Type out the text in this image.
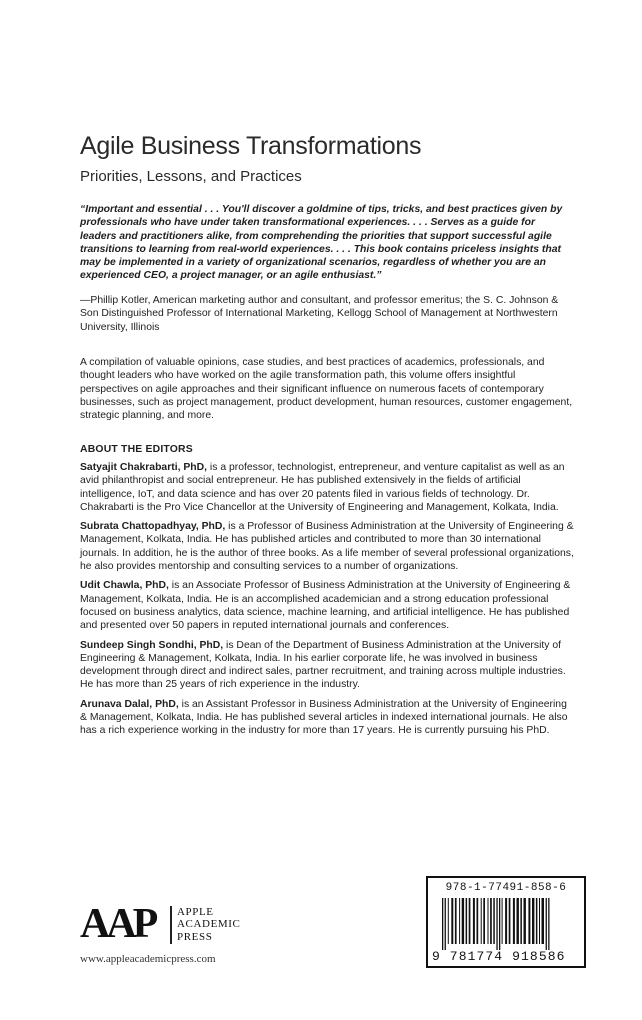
Agile Business Transformations
Priorities, Lessons, and Practices
“Important and essential . . . You'll discover a goldmine of tips, tricks, and best practices given by professionals who have under taken transformational experiences. . . . Serves as a guide for leaders and practitioners alike, from comprehending the priorities that support successful agile transitions to learning from real-world experiences. . . . This book contains priceless insights that may be implemented in a variety of organizational scenarios, regardless of whether you are an experienced CEO, a project manager, or an agile enthusiast.”
—Phillip Kotler, American marketing author and consultant, and professor emeritus; the S. C. Johnson & Son Distinguished Professor of International Marketing, Kellogg School of Management at Northwestern University, Illinois
A compilation of valuable opinions, case studies, and best practices of academics, professionals, and thought leaders who have worked on the agile transformation path, this volume offers insightful perspectives on agile approaches and their significant influence on numerous facets of contemporary businesses, such as project management, product development, human resources, customer engagement, strategic planning, and more.
ABOUT THE EDITORS

Satyajit Chakrabarti, PhD, is a professor, technologist, entrepreneur, and venture capitalist as well as an avid philanthropist and social entrepreneur. He has published extensively in the fields of artificial intelligence, IoT, and data science and has over 20 patents filed in various fields of technology. Dr. Chakrabarti is the Pro Vice Chancellor at the University of Engineering and Management, Kolkata, India.

Subrata Chattopadhyay, PhD, is a Professor of Business Administration at the University of Engineering & Management, Kolkata, India. He has published articles and contributed to more than 30 international journals. In addition, he is the author of three books. As a life member of several professional organizations, he also provides mentorship and consulting services to a number of organizations.

Udit Chawla, PhD, is an Associate Professor of Business Administration at the University of Engineering & Management, Kolkata, India. He is an accomplished academician and a strong education professional focused on business analytics, data science, machine learning, and artificial intelligence. He has published and presented over 50 papers in reputed international journals and conferences.

Sundeep Singh Sondhi, PhD, is Dean of the Department of Business Administration at the University of Engineering & Management, Kolkata, India. In his earlier corporate life, he was involved in business development through direct and indirect sales, partner recruitment, and training across multiple industries. He has more than 25 years of rich experience in the industry.

Arunava Dalal, PhD, is an Assistant Professor in Business Administration at the University of Engineering & Management, Kolkata, India. He has published several articles in indexed international journals. He also has a rich experience working in the industry for more than 17 years. He is currently pursuing his PhD.

AAP APPLE
ACADEMIC
PRESS
www.appleacademicpress.com
978-1-77491-858-6
9 781774 918586
